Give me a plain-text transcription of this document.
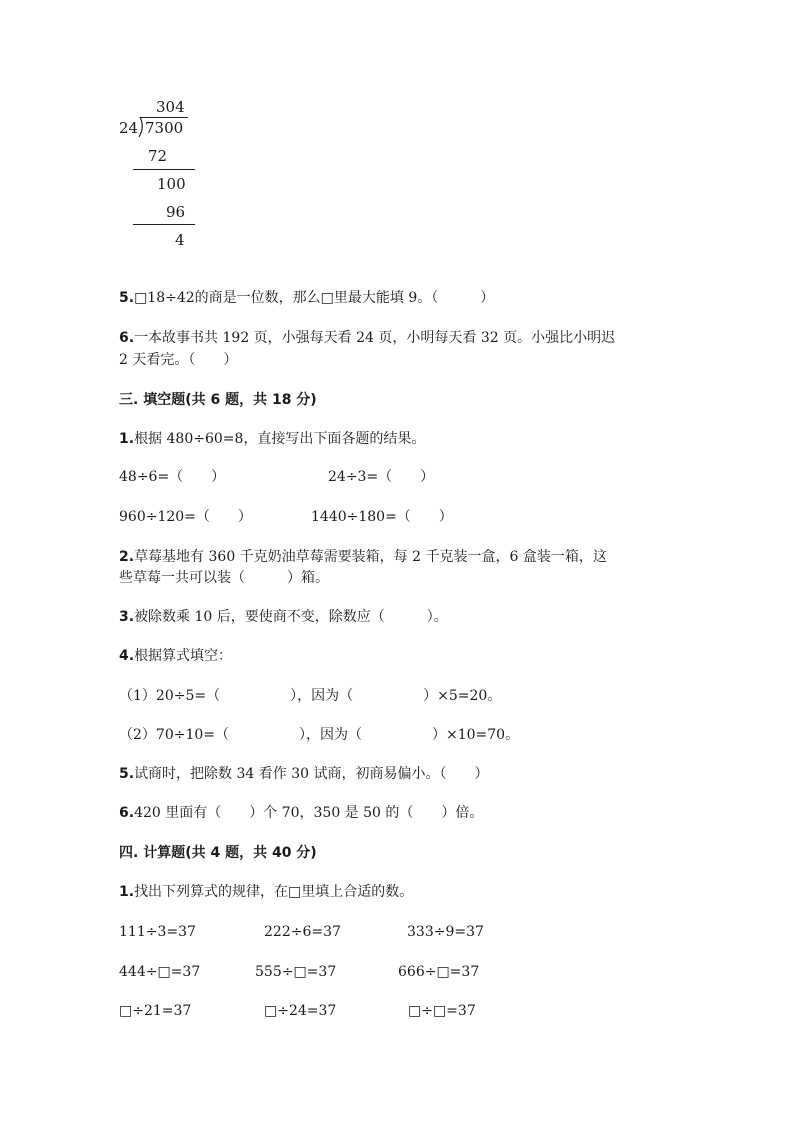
304
24 7300
72
100
96
4
5.□18÷42的商是一位数，那么□里最大能填 9。（　　　）
6.一本故事书共 192 页，小强每天看 24 页，小明每天看 32 页。小强比小明迟
2 天看完。（　　）
三. 填空题(共 6 题，共 18 分)
1.根据 480÷60=8，直接写出下面各题的结果。
48÷6=（　　）	24÷3=（　　）
960÷120=（　　）	1440÷180=（　　）
2.草莓基地有 360 千克奶油草莓需要装箱，每 2 千克装一盒，6 盒装一箱，这
些草莓一共可以装（　　　）箱。
3.被除数乘 10 后，要使商不变，除数应（　　　）。
4.根据算式填空：
（1）20÷5=（　　　　　），因为（　　　　　）×5=20。
（2）70÷10=（　　　　　），因为（　　　　　）×10=70。
5.试商时，把除数 34 看作 30 试商，初商易偏小。（　　）
6.420 里面有（　　）个 70，350 是 50 的（　　）倍。
四. 计算题(共 4 题，共 40 分)
1.找出下列算式的规律，在□里填上合适的数。
111÷3=37	222÷6=37	333÷9=37
444÷□=37	555÷□=37	666÷□=37
□÷21=37	□÷24=37	□÷□=37
